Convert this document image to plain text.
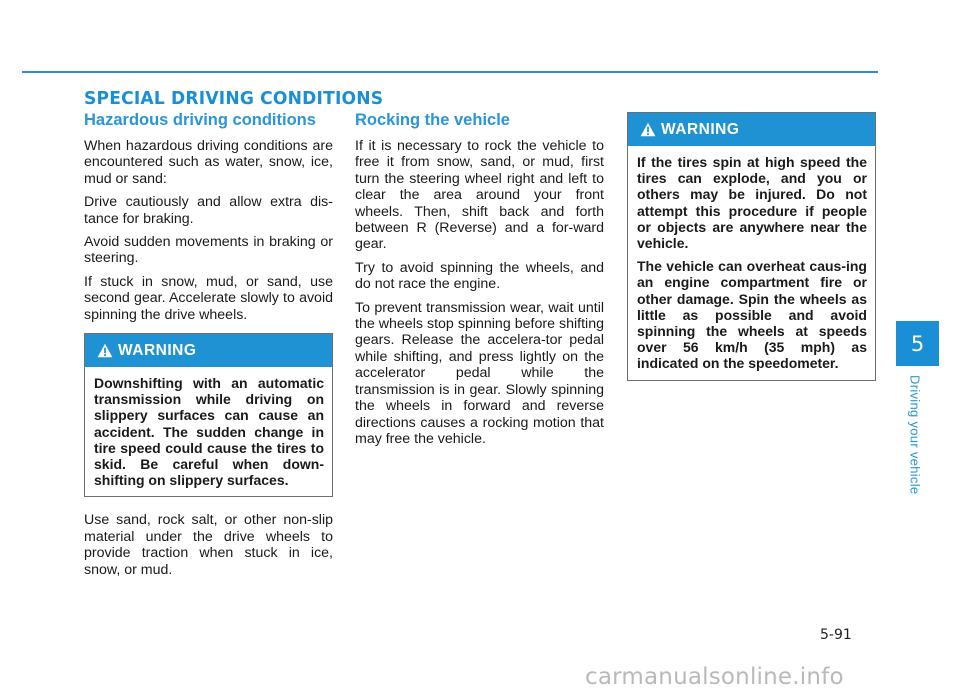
SPECIAL DRIVING CONDITIONS
Hazardous driving conditions

When hazardous driving conditions are encountered such as water, snow, ice, mud or sand:

Drive cautiously and allow extra dis-tance for braking.

Avoid sudden movements in braking or steering.

If stuck in snow, mud, or sand, use second gear. Accelerate slowly to avoid spinning the drive wheels.

WARNING

Downshifting with an automatic transmission while driving on slippery surfaces can cause an accident. The sudden change in tire speed could cause the tires to skid. Be careful when down-shifting on slippery surfaces.

Use sand, rock salt, or other non-slip material under the drive wheels to provide traction when stuck in ice, snow, or mud.

Rocking the vehicle

If it is necessary to rock the vehicle to free it from snow, sand, or mud, first turn the steering wheel right and left to clear the area around your front wheels. Then, shift back and forth between R (Reverse) and a for-ward gear.

Try to avoid spinning the wheels, and do not race the engine.

To prevent transmission wear, wait until the wheels stop spinning before shifting gears. Release the accelera-tor pedal while shifting, and press lightly on the accelerator pedal while the transmission is in gear. Slowly spinning the wheels in forward and reverse directions causes a rocking motion that may free the vehicle.

WARNING

If the tires spin at high speed the tires can explode, and you or others may be injured. Do not attempt this procedure if people or objects are anywhere near the vehicle.

The vehicle can overheat caus-ing an engine compartment fire or other damage. Spin the wheels as little as possible and avoid spinning the wheels at speeds over 56 km/h (35 mph) as indicated on the speedometer.

5
Driving your vehicle
5-91
carmanualsonline.info
